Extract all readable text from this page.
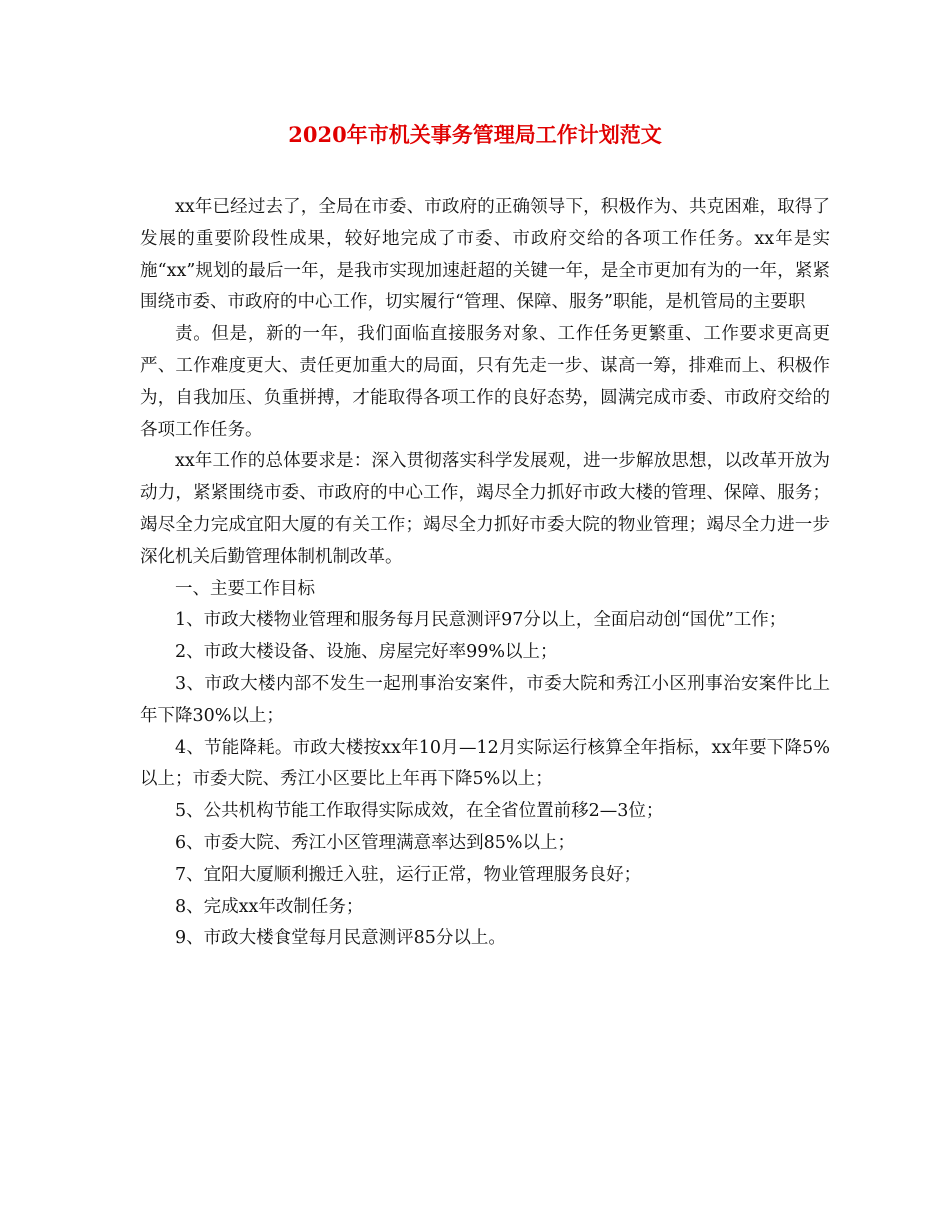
2020年市机关事务管理局工作计划范文

xx年已经过去了，全局在市委、市政府的正确领导下，积极作为、共克困难，取得了发展的重要阶段性成果，较好地完成了市委、市政府交给的各项工作任务。xx年是实施“xx”规划的最后一年，是我市实现加速赶超的关键一年，是全市更加有为的一年，紧紧围绕市委、市政府的中心工作，切实履行“管理、保障、服务”职能，是机管局的主要职

责。但是，新的一年，我们面临直接服务对象、工作任务更繁重、工作要求更高更严、工作难度更大、责任更加重大的局面，只有先走一步、谋高一筹，排难而上、积极作为，自我加压、负重拼搏，才能取得各项工作的良好态势，圆满完成市委、市政府交给的各项工作任务。

xx年工作的总体要求是：深入贯彻落实科学发展观，进一步解放思想，以改革开放为动力，紧紧围绕市委、市政府的中心工作，竭尽全力抓好市政大楼的管理、保障、服务；竭尽全力完成宜阳大厦的有关工作；竭尽全力抓好市委大院的物业管理；竭尽全力进一步深化机关后勤管理体制机制改革。

一、主要工作目标

1、市政大楼物业管理和服务每月民意测评97分以上，全面启动创“国优”工作；

2、市政大楼设备、设施、房屋完好率99%以上；

3、市政大楼内部不发生一起刑事治安案件，市委大院和秀江小区刑事治安案件比上年下降30%以上；

4、节能降耗。市政大楼按xx年10月—12月实际运行核算全年指标，xx年要下降5%以上；市委大院、秀江小区要比上年再下降5%以上；

5、公共机构节能工作取得实际成效，在全省位置前移2—3位；

6、市委大院、秀江小区管理满意率达到85%以上；

7、宜阳大厦顺利搬迁入驻，运行正常，物业管理服务良好；

8、完成xx年改制任务；

9、市政大楼食堂每月民意测评85分以上。
